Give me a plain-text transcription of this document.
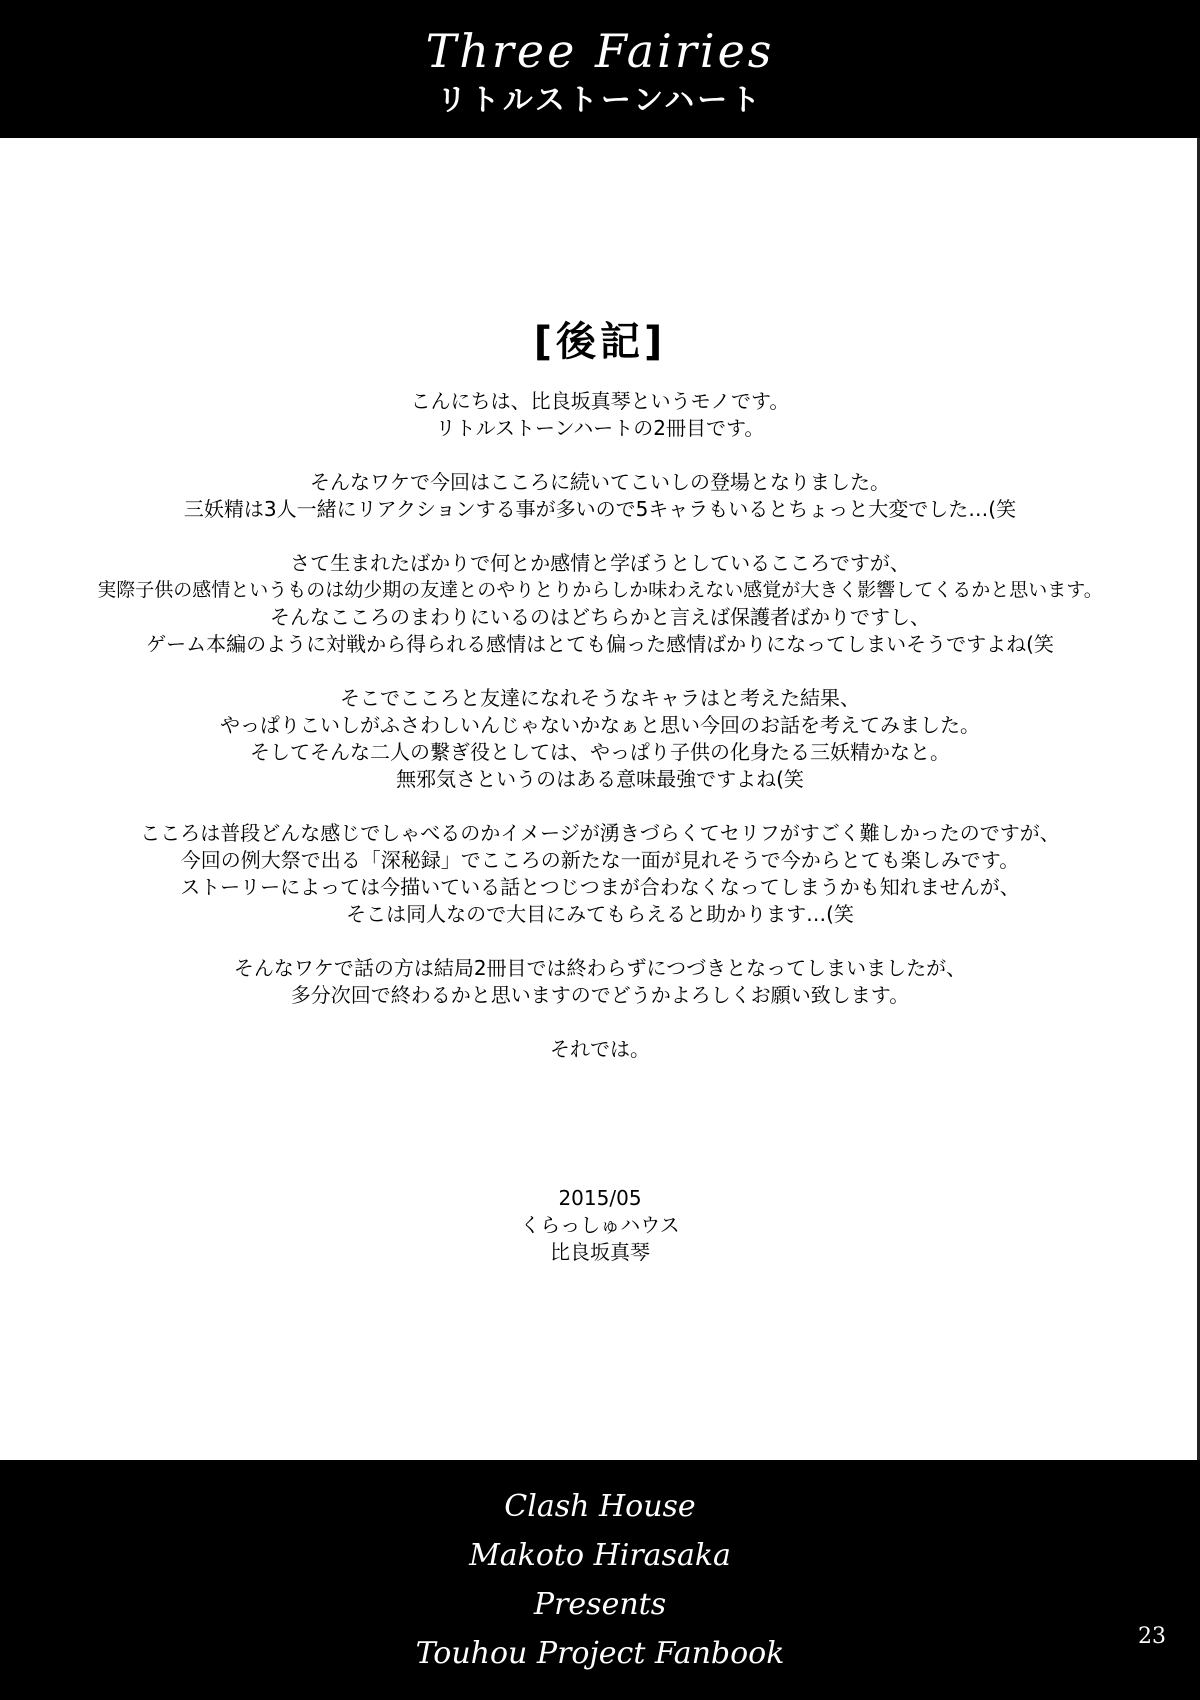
Three Fairies
リトルストーンハート
[後記]
こんにちは、比良坂真琴というモノです。
リトルストーンハートの2冊目です。
そんなワケで今回はこころに続いてこいしの登場となりました。
三妖精は3人一緒にリアクションする事が多いので5キャラもいるとちょっと大変でした…(笑
さて生まれたばかりで何とか感情と学ぼうとしているこころですが、
実際子供の感情というものは幼少期の友達とのやりとりからしか味わえない感覚が大きく影響してくるかと思います。
そんなこころのまわりにいるのはどちらかと言えば保護者ばかりですし、
ゲーム本編のように対戦から得られる感情はとても偏った感情ばかりになってしまいそうですよね(笑
そこでこころと友達になれそうなキャラはと考えた結果、
やっぱりこいしがふさわしいんじゃないかなぁと思い今回のお話を考えてみました。
そしてそんな二人の繋ぎ役としては、やっぱり子供の化身たる三妖精かなと。
無邪気さというのはある意味最強ですよね(笑
こころは普段どんな感じでしゃべるのかイメージが湧きづらくてセリフがすごく難しかったのですが、
今回の例大祭で出る「深秘録」でこころの新たな一面が見れそうで今からとても楽しみです。
ストーリーによっては今描いている話とつじつまが合わなくなってしまうかも知れませんが、
そこは同人なので大目にみてもらえると助かります…(笑
そんなワケで話の方は結局2冊目では終わらずにつづきとなってしまいましたが、
多分次回で終わるかと思いますのでどうかよろしくお願い致します。
それでは。
2015/05
くらっしゅハウス
比良坂真琴
Clash House
Makoto Hirasaka
Presents
Touhou Project Fanbook	23
